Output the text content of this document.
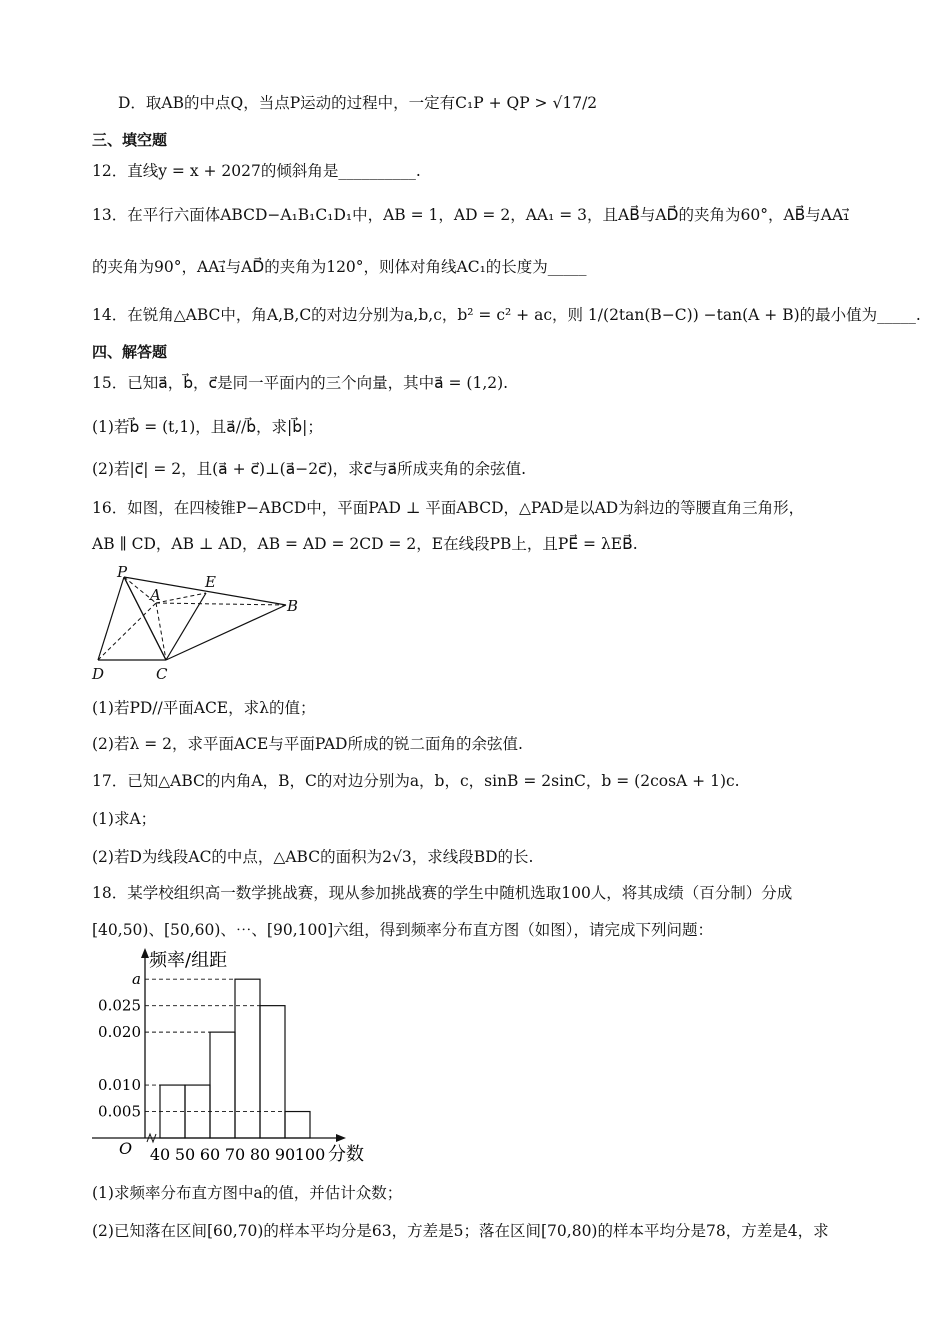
D．取AB的中点Q，当点P运动的过程中，一定有C₁P + QP > √17/2
三、填空题
12．直线y = x + 2027的倾斜角是__________.
13．在平行六面体ABCD−A₁B₁C₁D₁中，AB = 1，AD = 2，AA₁ = 3，且AB⃗与AD⃗的夹角为60°，AB⃗与AA₁⃗
的夹角为90°，AA₁⃗与AD⃗的夹角为120°，则体对角线AC₁的长度为_____
14．在锐角△ABC中，角A,B,C的对边分别为a,b,c，b² = c² + ac，则 1/(2tan(B−C)) −tan(A + B)的最小值为_____.
四、解答题
15．已知a⃗，b⃗，c⃗是同一平面内的三个向量，其中a⃗ = (1,2).
(1)若b⃗ = (t,1)，且a⃗//b⃗，求|b⃗|；
(2)若|c⃗| = 2，且(a⃗ + c⃗)⊥(a⃗−2c⃗)，求c⃗与a⃗所成夹角的余弦值.
16．如图，在四棱锥P−ABCD中，平面PAD ⊥ 平面ABCD，△PAD是以AD为斜边的等腰直角三角形，
AB ∥ CD，AB ⊥ AD，AB = AD = 2CD = 2，E在线段PB上，且PE⃗ = λEB⃗.
P
A
E
B
D	C
(1)若PD//平面ACE，求λ的值；
(2)若λ = 2，求平面ACE与平面PAD所成的锐二面角的余弦值.
17．已知△ABC的内角A，B，C的对边分别为a，b，c，sinB = 2sinC，b = (2cosA + 1)c.
(1)求A；
(2)若D为线段AC的中点，△ABC的面积为2√3，求线段BD的长.
18．某学校组织高一数学挑战赛，现从参加挑战赛的学生中随机选取100人，将其成绩（百分制）分成
[40,50)、[50,60)、⋯、[90,100]六组，得到频率分布直方图（如图），请完成下列问题：
0.005
0.010
0.020
0.025
a
40 50 60 70 80 90 100
O
频率/组距
分数
(1)求频率分布直方图中a的值，并估计众数；
(2)已知落在区间[60,70)的样本平均分是63，方差是5；落在区间[70,80)的样本平均分是78，方差是4，求
